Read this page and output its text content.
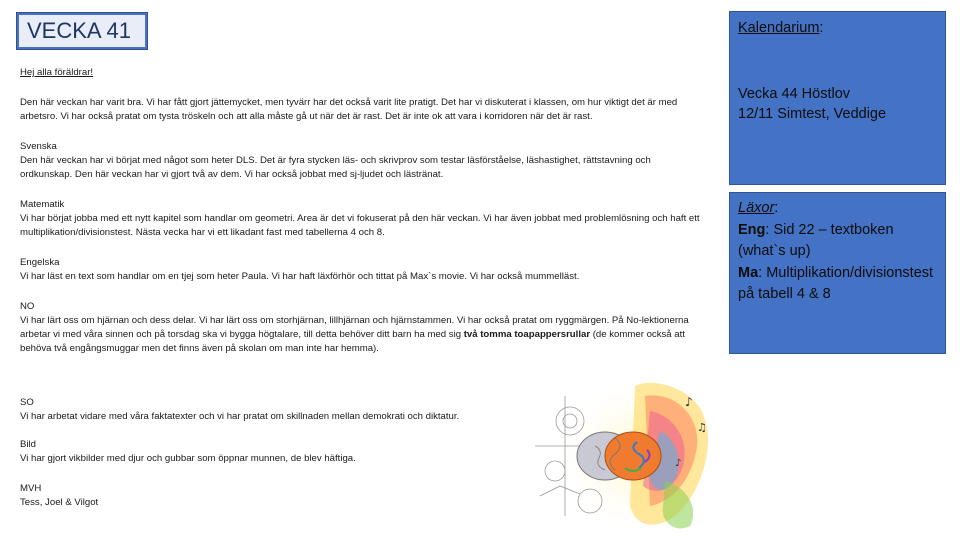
VECKA 41

Hej alla föräldrar!

Den här veckan har varit bra. Vi har fått gjort jättemycket, men tyvärr har det också varit lite pratigt. Det har vi diskuterat i klassen, om hur viktigt det är med arbetsro. Vi har också pratat om tysta tröskeln och att alla måste gå ut när det är rast. Det är inte ok att vara i korridoren när det är rast.

Svenska
Den här veckan har vi börjat med något som heter DLS. Det är fyra stycken läs- och skrivprov som testar läsförståelse, läshastighet, rättstavning och ordkunskap. Den här veckan har vi gjort två av dem. Vi har också jobbat med sj-ljudet och lästränat.

Matematik
Vi har börjat jobba med ett nytt kapitel som handlar om geometri. Area är det vi fokuserat på den här veckan. Vi har även jobbat med problemlösning och haft ett multiplikation/divisionstest. Nästa vecka har vi ett likadant fast med tabellerna 4 och 8.

Engelska
Vi har läst en text som handlar om en tjej som heter Paula. Vi har haft läxförhör och tittat på Max`s movie. Vi har också mummelläst.

NO
Vi har lärt oss om hjärnan och dess delar. Vi har lärt oss om storhjärnan, lillhjärnan och hjärnstammen. Vi har också pratat om ryggmärgen. På No-lektionerna arbetar vi med våra sinnen och på torsdag ska vi bygga högtalare, till detta behöver ditt barn ha med sig två tomma toapappersrullar (de kommer också att behöva två engångsmuggar men det finns även på skolan om man inte har hemma).

SO
Vi har arbetat vidare med våra faktatexter och vi har pratat om skillnaden mellan demokrati och diktatur.

Bild
Vi har gjort vikbilder med djur och gubbar som öppnar munnen, de blev häftiga.

MVH
Tess, Joel & Vilgot

Kalendarium:
Vecka 44 Höstlov
12/11 Simtest, Veddige
Läxor:
Eng: Sid 22 – textboken (what`s up)
Ma: Multiplikation/divisionstest på tabell 4 & 8
♪
♫
♪
